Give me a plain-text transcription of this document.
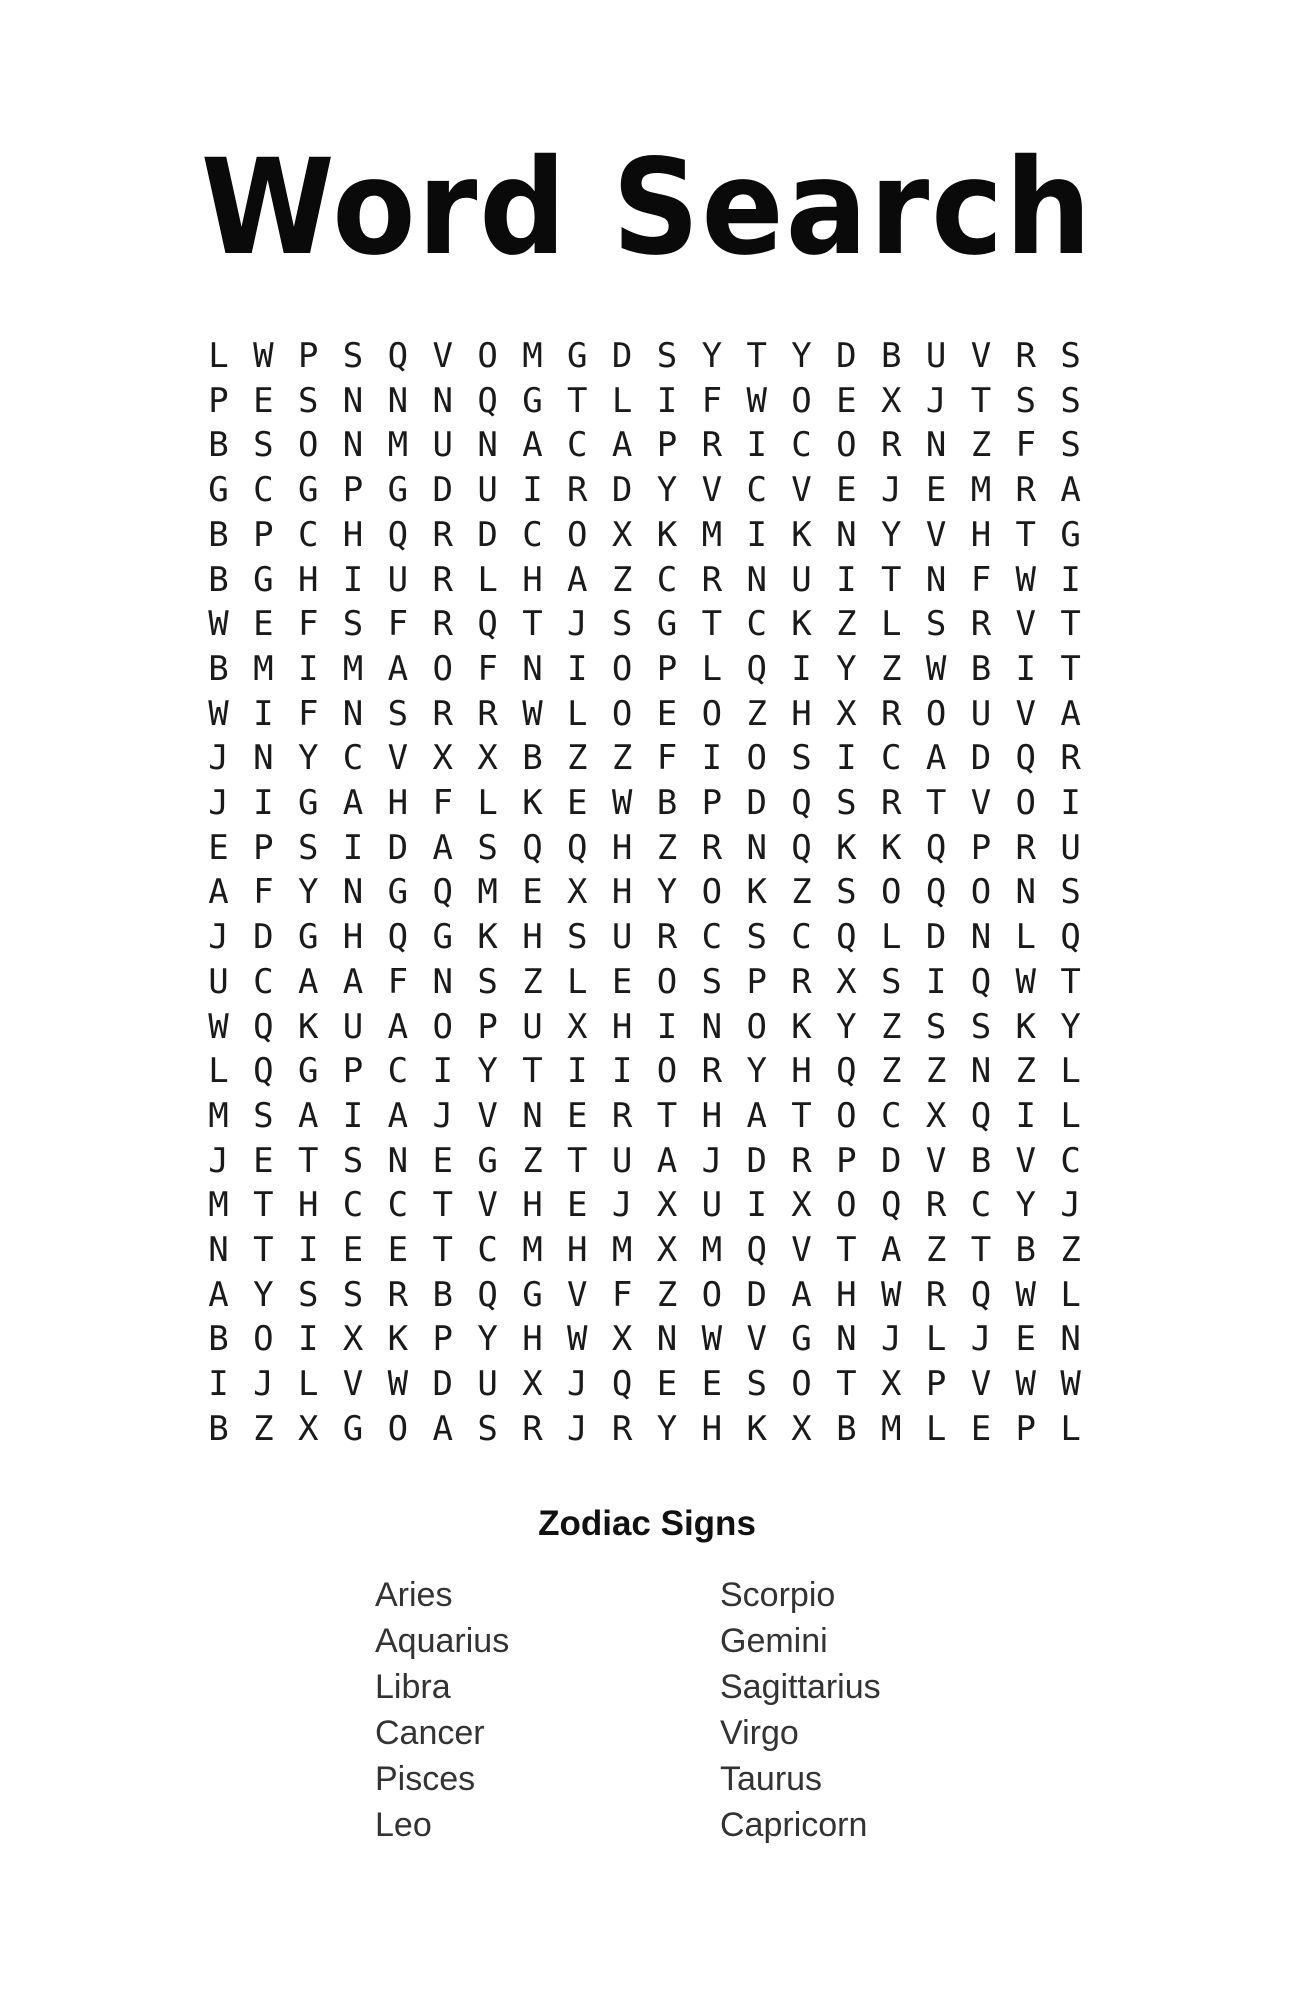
Word Search
L W P S Q V O M G D S Y T Y D B U V R S
P E S N N N Q G T L I F W O E X J T S S
B S O N M U N A C A P R I C O R N Z F S
G C G P G D U I R D Y V C V E J E M R A
B P C H Q R D C O X K M I K N Y V H T G
B G H I U R L H A Z C R N U I T N F W I
W E F S F R Q T J S G T C K Z L S R V T
B M I M A O F N I O P L Q I Y Z W B I T
W I F N S R R W L O E O Z H X R O U V A
J N Y C V X X B Z Z F I O S I C A D Q R
J I G A H F L K E W B P D Q S R T V O I
E P S I D A S Q Q H Z R N Q K K Q P R U
A F Y N G Q M E X H Y O K Z S O Q O N S
J D G H Q G K H S U R C S C Q L D N L Q
U C A A F N S Z L E O S P R X S I Q W T
W Q K U A O P U X H I N O K Y Z S S K Y
L Q G P C I Y T I I O R Y H Q Z Z N Z L
M S A I A J V N E R T H A T O C X Q I L
J E T S N E G Z T U A J D R P D V B V C
M T H C C T V H E J X U I X O Q R C Y J
N T I E E T C M H M X M Q V T A Z T B Z
A Y S S R B Q G V F Z O D A H W R Q W L
B O I X K P Y H W X N W V G N J L J E N
I J L V W D U X J Q E E S O T X P V W W
B Z X G O A S R J R Y H K X B M L E P L
Zodiac Signs
Aries
Aquarius
Libra
Cancer
Pisces
Leo
Scorpio
Gemini
Sagittarius
Virgo
Taurus
Capricorn
